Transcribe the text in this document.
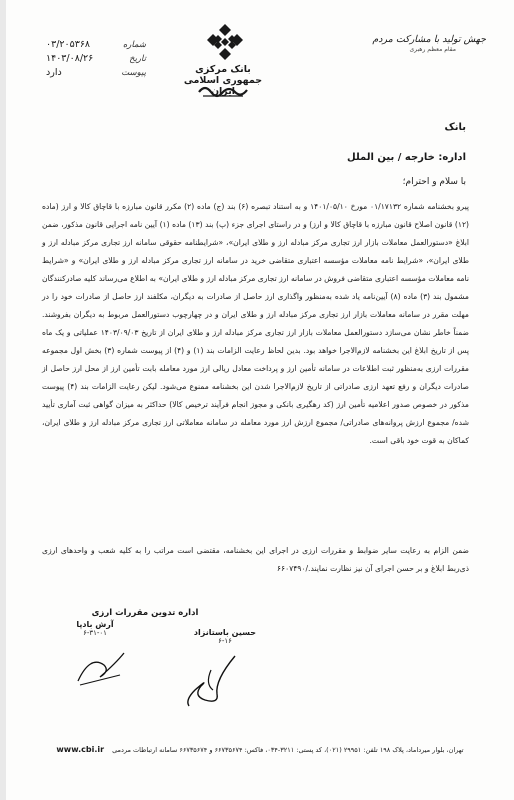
شماره
۰۳/۲۰۵۳۶۸
تاریخ
۱۴۰۳/۰۸/۲۶
پیوست
دارد	بانک مرکزی جمهوری اسلامی ایران
جهش تولید با مشارکت مردم
مقام معظم رهبری
بانک
اداره: خارجه / بین الملل
با سلام و احترام؛
پیرو بخشنامه شماره ۰۱/۱۷۱۳۲ مورخ ۱۴۰۱/۰۵/۱۰ و به استناد تبصره (۶) بند (ج) ماده (۲) مکرر قانون مبارزه با قاچاق کالا و ارز (ماده (۱۲) قانون اصلاح قانون مبارزه با قاچاق کالا و ارز) و در راستای اجرای جزء (پ) بند (۱۳) ماده (۱) آیین نامه اجرایی قانون مذکور، ضمن ابلاغ «دستورالعمل معاملات بازار ارز تجاری مرکز مبادله ارز و طلای ایران»، «شرایطنامه حقوقی سامانه ارز تجاری مرکز مبادله ارز و طلای ایران»، «شرایط نامه معاملات مؤسسه اعتباری متقاضی خرید در سامانه ارز تجاری مرکز مبادله ارز و طلای ایران» و «شرایط نامه معاملات مؤسسه اعتباری متقاضی فروش در سامانه ارز تجاری مرکز مبادله ارز و طلای ایران» به اطلاع می‌رساند کلیه صادرکنندگان مشمول بند (۳) ماده (۸) آیین‌نامه یاد شده به‌منظور واگذاری ارز حاصل از صادرات به دیگران، مکلفند ارز حاصل از صادرات خود را در مهلت مقرر در سامانه معاملات بازار ارز تجاری مرکز مبادله ارز و طلای ایران و در چهارچوب دستورالعمل مربوط به دیگران بفروشند. ضمناً خاطر نشان می‌سازد دستورالعمل معاملات بازار ارز تجاری مرکز مبادله ارز و طلای ایران از تاریخ ۱۴۰۳/۰۹/۰۳ عملیاتی و یک ماه پس از تاریخ ابلاغ این بخشنامه لازم‌الاجرا خواهد بود. بدین لحاظ رعایت الزامات بند (۱) و (۴) از پیوست شماره (۳) بخش اول مجموعه مقررات ارزی به‌منظور ثبت اطلاعات در سامانه تأمین ارز و پرداخت معادل ریالی ارز مورد معامله بابت تأمین ارز از محل ارز حاصل از صادرات دیگران و رفع تعهد ارزی صادراتی از تاریخ لازم‌الاجرا شدن این بخشنامه ممنوع می‌شود. لیکن رعایت الزامات بند (۴) پیوست مذکور در خصوص صدور اعلامیه تأمین ارز (کد رهگیری بانکی و مجوز انجام فرآیند ترخیص کالا) حداکثر به میزان گواهی ثبت آماری تأیید شده/ مجموع ارزش پروانه‌های صادراتی/ مجموع ارزش ارز مورد معامله در سامانه معاملاتی ارز تجاری مرکز مبادله ارز و طلای ایران، کماکان به قوت خود باقی است.
ضمن الزام به رعایت سایر ضوابط و مقررات ارزی در اجرای این بخشنامه، مقتضی است مراتب را به کلیه شعب و واحدهای ارزی ذی‌ربط ابلاغ و بر حسن اجرای آن نیز نظارت نمایند./۶۶۰۷۴۹۰
اداره تدوین مقررات ارزی
حسین باستانزاد
۶-۱۶
آرش بادپا
۶-۳۱-۰۱
تهران، بلوار میرداماد، پلاک ۱۹۸ تلفن: ۲۹۹۵۱ (۰۲۱)، کد پستی: ۳۲۱۱-۰۳۴، فاکس: ۶۶۷۳۵۶۷۴ و ۶۶۷۳۵۶۷۴ سامانه ارتباطات مردمی www.cbi.ir
